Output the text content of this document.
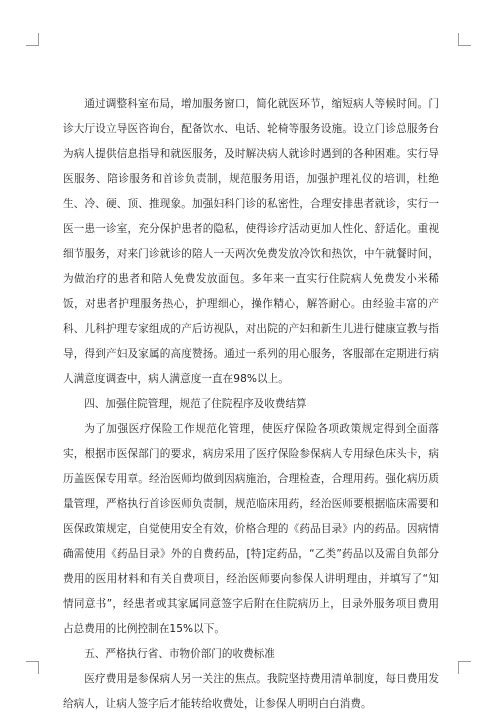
通过调整科室布局，增加服务窗口，简化就医环节，缩短病人等候时间。门诊大厅设立导医咨询台，配备饮水、电话、轮椅等服务设施。设立门诊总服务台为病人提供信息指导和就医服务，及时解决病人就诊时遇到的各种困难。实行导医服务、陪诊服务和首诊负责制，规范服务用语，加强护理礼仪的培训，杜绝生、冷、硬、顶、推现象。加强妇科门诊的私密性，合理安排患者就诊，实行一医一患一诊室，充分保护患者的隐私，使得诊疗活动更加人性化、舒适化。重视细节服务，对来门诊就诊的陪人一天两次免费发放冷饮和热饮，中午就餐时间，为做治疗的患者和陪人免费发放面包。多年来一直实行住院病人免费发小米稀饭，对患者护理服务热心，护理细心，操作精心，解答耐心。由经验丰富的产科、儿科护理专家组成的产后访视队，对出院的产妇和新生儿进行健康宣教与指导，得到产妇及家属的高度赞扬。通过一系列的用心服务，客服部在定期进行病人满意度调查中，病人满意度一直在98%以上。

四、加强住院管理，规范了住院程序及收费结算

为了加强医疗保险工作规范化管理，使医疗保险各项政策规定得到全面落实，根据市医保部门的要求，病房采用了医疗保险参保病人专用绿色床头卡，病历盖医保专用章。经治医师均做到因病施治，合理检查，合理用药。强化病历质量管理，严格执行首诊医师负责制，规范临床用药，经治医师要根据临床需要和医保政策规定，自觉使用安全有效，价格合理的《药品目录》内的药品。因病情确需使用《药品目录》外的自费药品，[特]定药品，“乙类”药品以及需自负部分费用的医用材料和有关自费项目，经治医师要向参保人讲明理由，并填写了“知情同意书”，经患者或其家属同意签字后附在住院病历上，目录外服务项目费用占总费用的比例控制在15%以下。

五、严格执行省、市物价部门的收费标准

医疗费用是参保病人另一关注的焦点。我院坚持费用清单制度，每日费用发给病人，让病人签字后才能转给收费处，让参保人明明白白消费。
